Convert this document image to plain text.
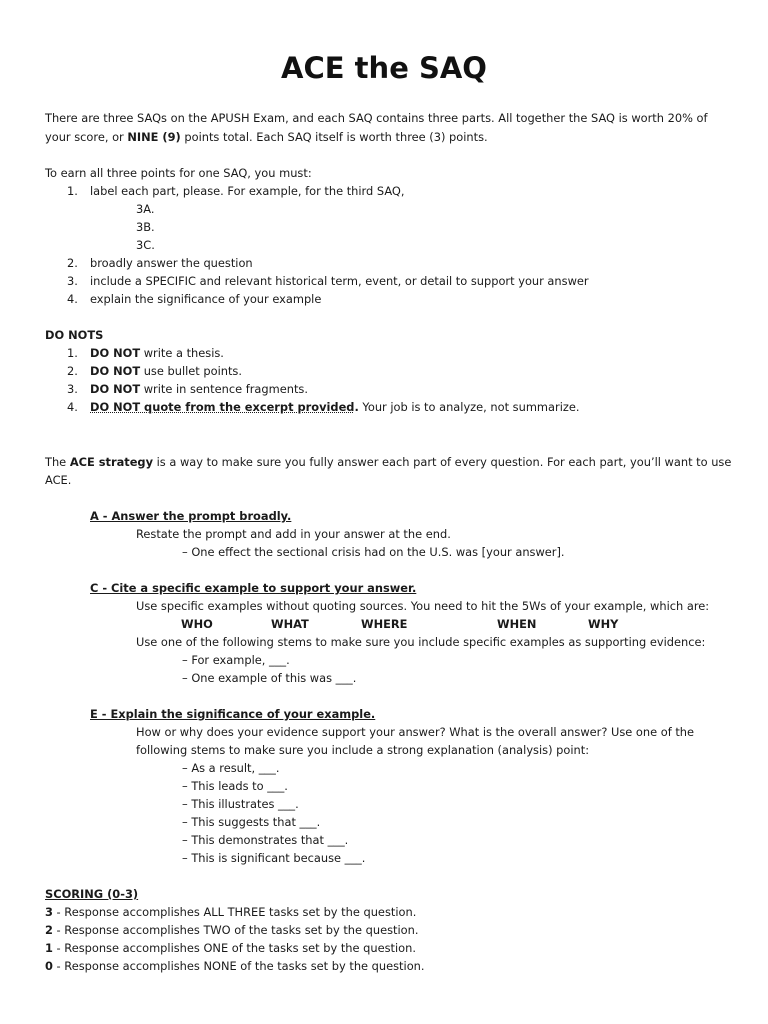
ACE the SAQ
There are three SAQs on the APUSH Exam, and each SAQ contains three parts. All together the SAQ is worth 20% of
your score, or NINE (9) points total. Each SAQ itself is worth three (3) points.
To earn all three points for one SAQ, you must:
1. label each part, please. For example, for the third SAQ,
3A.
3B.
3C.
2. broadly answer the question
3. include a SPECIFIC and relevant historical term, event, or detail to support your answer
4. explain the significance of your example
DO NOTS
1. DO NOT write a thesis.
2. DO NOT use bullet points.
3. DO NOT write in sentence fragments.
4. DO NOT quote from the excerpt provided. Your job is to analyze, not summarize.
The ACE strategy is a way to make sure you fully answer each part of every question. For each part, you’ll want to use
ACE.
A - Answer the prompt broadly.
Restate the prompt and add in your answer at the end.
– One effect the sectional crisis had on the U.S. was [your answer].
C - Cite a specific example to support your answer.
Use specific examples without quoting sources. You need to hit the 5Ws of your example, which are:
WHO	WHAT	WHERE	WHEN	WHY
Use one of the following stems to make sure you include specific examples as supporting evidence:
– For example, ___.
– One example of this was ___.
E - Explain the significance of your example.
How or why does your evidence support your answer? What is the overall answer? Use one of the
following stems to make sure you include a strong explanation (analysis) point:
– As a result, ___.
– This leads to ___.
– This illustrates ___.
– This suggests that ___.
– This demonstrates that ___.
– This is significant because ___.
SCORING (0-3)
3 - Response accomplishes ALL THREE tasks set by the question.
2 - Response accomplishes TWO of the tasks set by the question.
1 - Response accomplishes ONE of the tasks set by the question.
0 - Response accomplishes NONE of the tasks set by the question.
